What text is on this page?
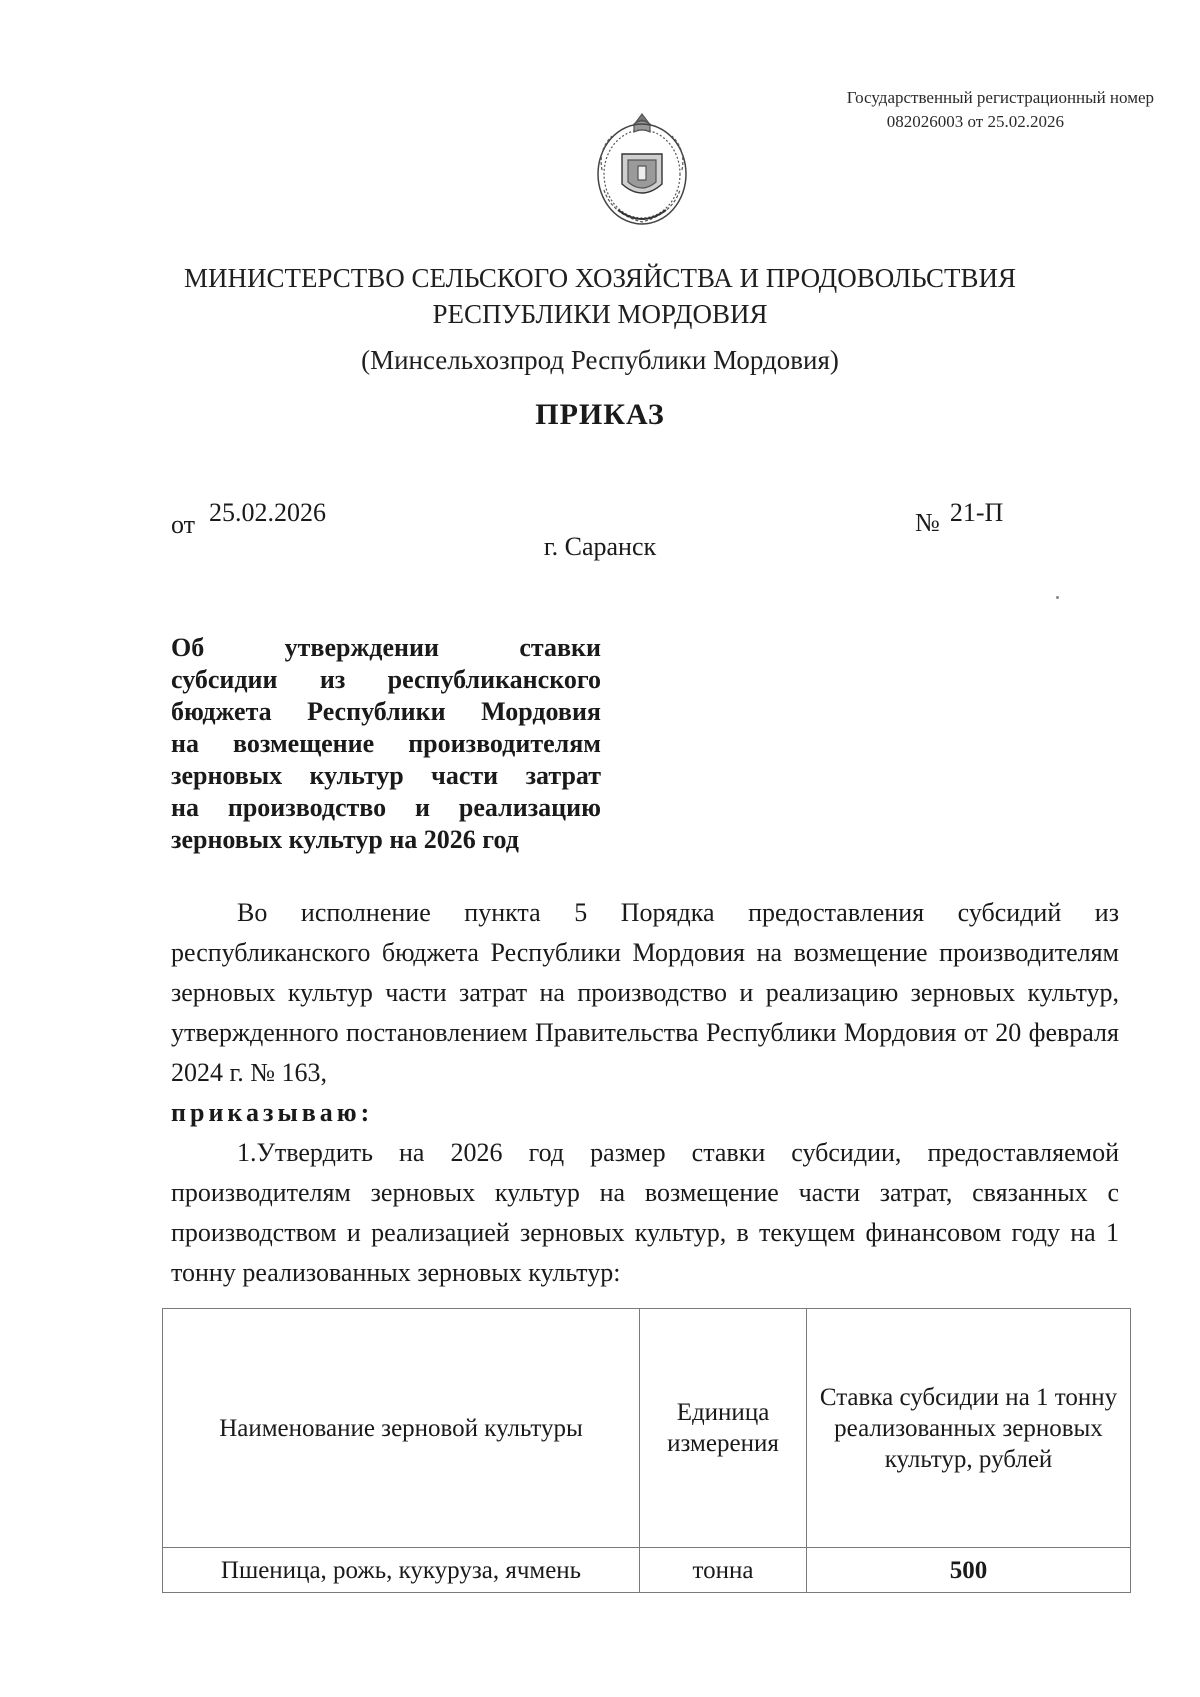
Государственный регистрационный номер
082026003 от 25.02.2026
МИНИСТЕРСТВО СЕЛЬСКОГО ХОЗЯЙСТВА И ПРОДОВОЛЬСТВИЯ
РЕСПУБЛИКИ МОРДОВИЯ
(Минсельхозпрод Республики Мордовия)
ПРИКАЗ
от 25.02.2026	№ 21-П
г. Саранск
Об утверждении ставки
субсидии из республиканского
бюджета Республики Мордовия
на возмещение производителям
зерновых культур части затрат
на производство и реализацию
зерновых культур на 2026 год

Во исполнение пункта 5 Порядка предоставления субсидий из республиканского бюджета Республики Мордовия на возмещение производителям зерновых культур части затрат на производство и реализацию зерновых культур, утвержденного постановлением Правительства Республики Мордовия от 20 февраля 2024 г. № 163,

приказываю:

1.Утвердить на 2026 год размер ставки субсидии, предоставляемой производителям зерновых культур на возмещение части затрат, связанных с производством и реализацией зерновых культур, в текущем финансовом году на 1 тонну реализованных зерновых культур:

Наименование зерновой культуры	Единица измерения	Ставка субсидии на 1 тонну реализованных зерновых культур, рублей
Пшеница, рожь, кукуруза, ячмень	тонна	500
